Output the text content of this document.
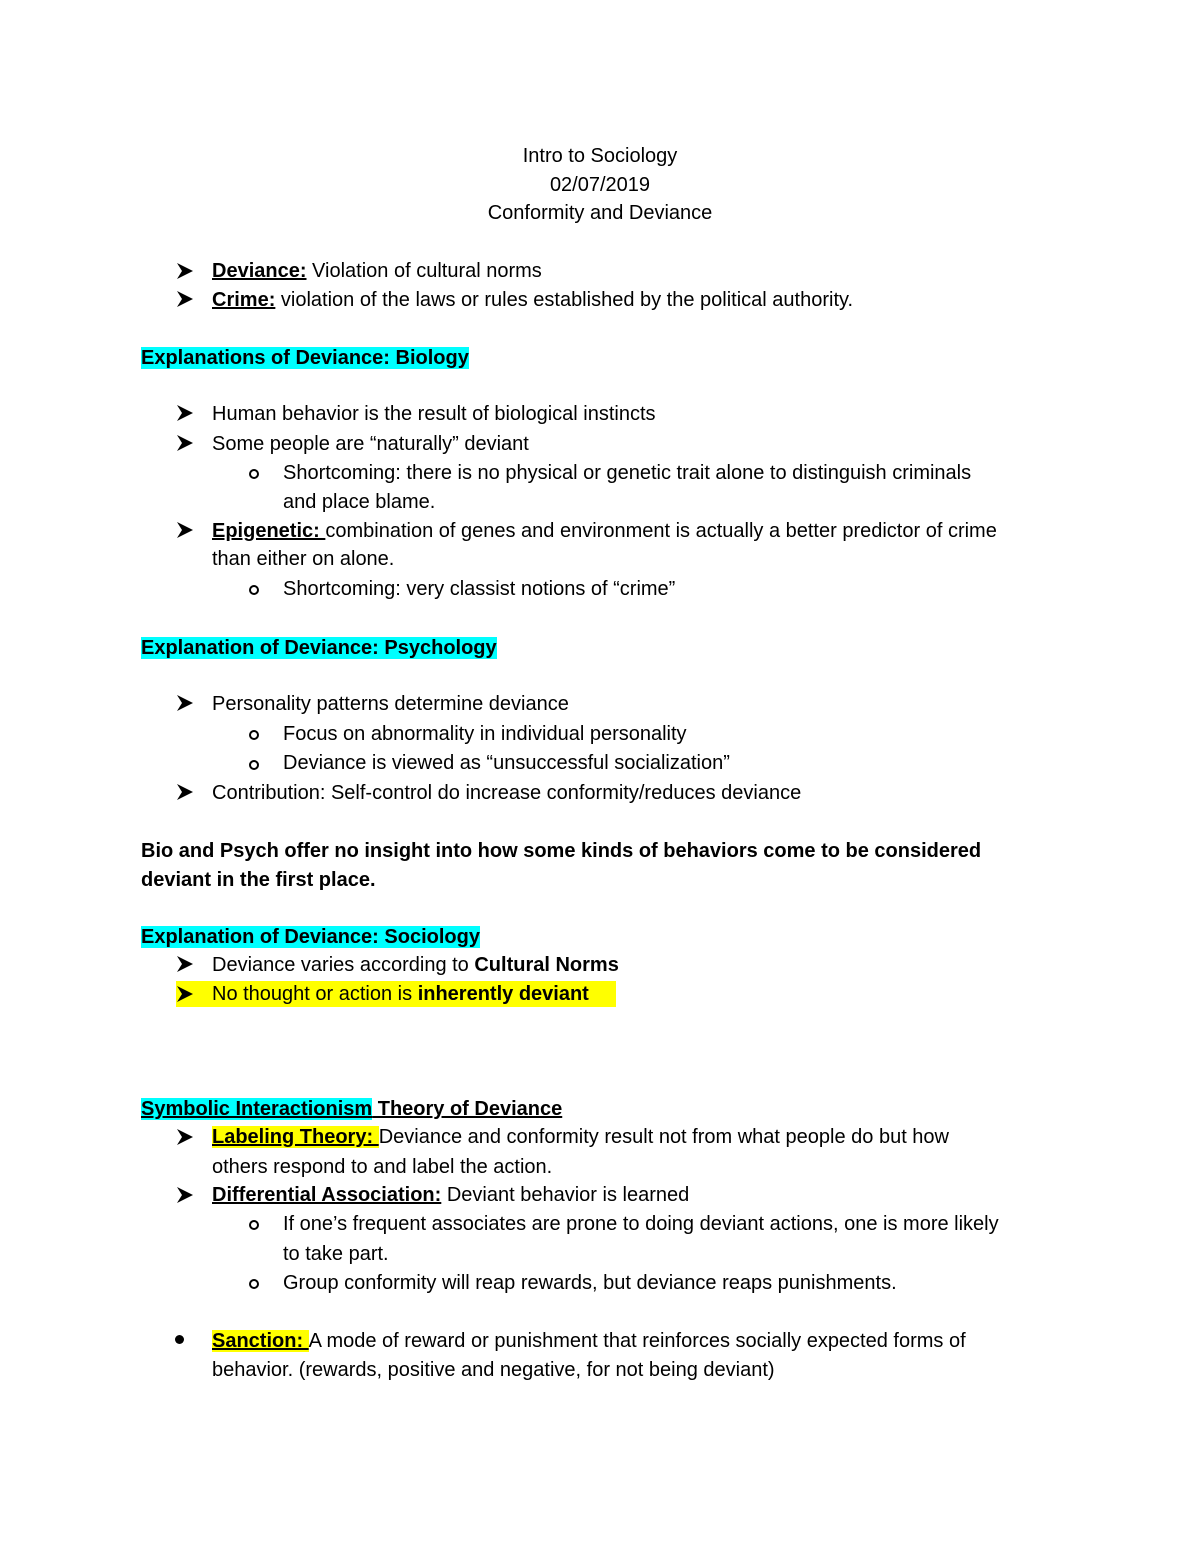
Intro to Sociology
02/07/2019
Conformity and Deviance
Deviance: Violation of cultural norms
Crime: violation of the laws or rules established by the political authority.
Explanations of Deviance: Biology
Human behavior is the result of biological instincts
Some people are “naturally” deviant
Shortcoming: there is no physical or genetic trait alone to distinguish criminals
and place blame.
Epigenetic: combination of genes and environment is actually a better predictor of crime
than either on alone.
Shortcoming: very classist notions of “crime”
Explanation of Deviance: Psychology
Personality patterns determine deviance
Focus on abnormality in individual personality
Deviance is viewed as “unsuccessful socialization”
Contribution: Self-control do increase conformity/reduces deviance
Bio and Psych offer no insight into how some kinds of behaviors come to be considered
deviant in the first place.
Explanation of Deviance: Sociology
Deviance varies according to Cultural Norms
No thought or action is inherently deviant
Symbolic Interactionism Theory of Deviance
Labeling Theory: Deviance and conformity result not from what people do but how
others respond to and label the action.
Differential Association: Deviant behavior is learned
If one’s frequent associates are prone to doing deviant actions, one is more likely
to take part.
Group conformity will reap rewards, but deviance reaps punishments.
Sanction: A mode of reward or punishment that reinforces socially expected forms of
behavior. (rewards, positive and negative, for not being deviant)
